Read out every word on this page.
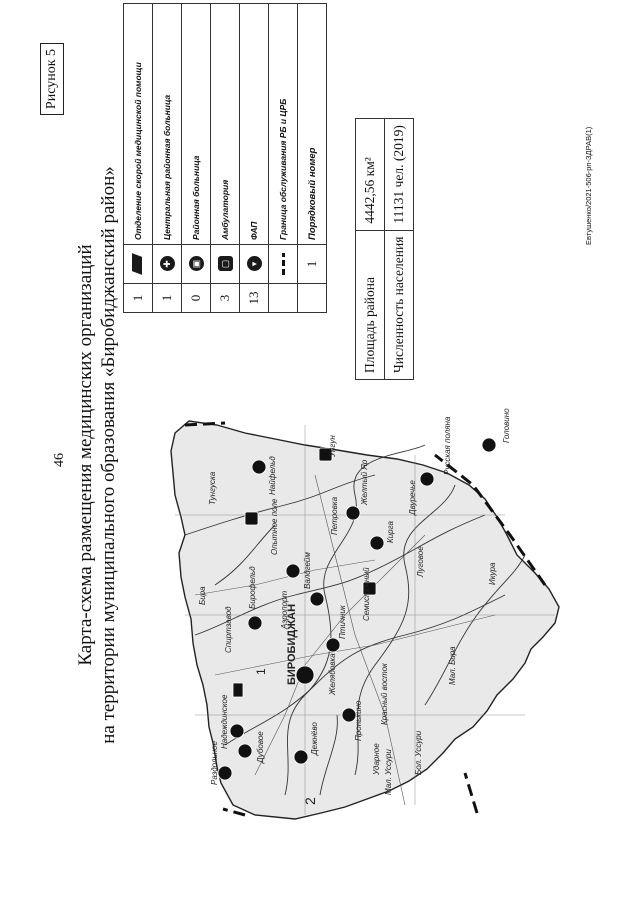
Рисунок 5
46 Карта-схема размещения медицинских организаций на территории муниципального образования «Биробиджанский район»	БИРОБИДЖАН
Раздольное	Дубовое
Надеждинское
Бирофельд	Валдгейм
Птичник
Кирга
Русская поляна
Пронькино Красный восток
Желтый Яр
Головино
Найфельд
Опытное поле
Дежнёво
Унгун
Семисточный
Спиртзавод	Аэропорт
Ударное
Двуречье
Луговое
Петровка
Желябовка
Бол. Уссури
Мал. Уссури
Мал. Бира
Бира
Икура
Тунгуска
1
2
1		Отделение скорой медицинской помощи
1	✚	Центральная районная больница
0	▣	Районная больница
3	▢	Амбулатория
13	▾	ФАП
		Граница обслуживания РБ и ЦРБ
	1	Порядковый номер
Площадь района	4442,56 км²
Численность населения	11131 чел. (2019)	Евтушенко/2021-506-рп-ЗДРАВ(1)
